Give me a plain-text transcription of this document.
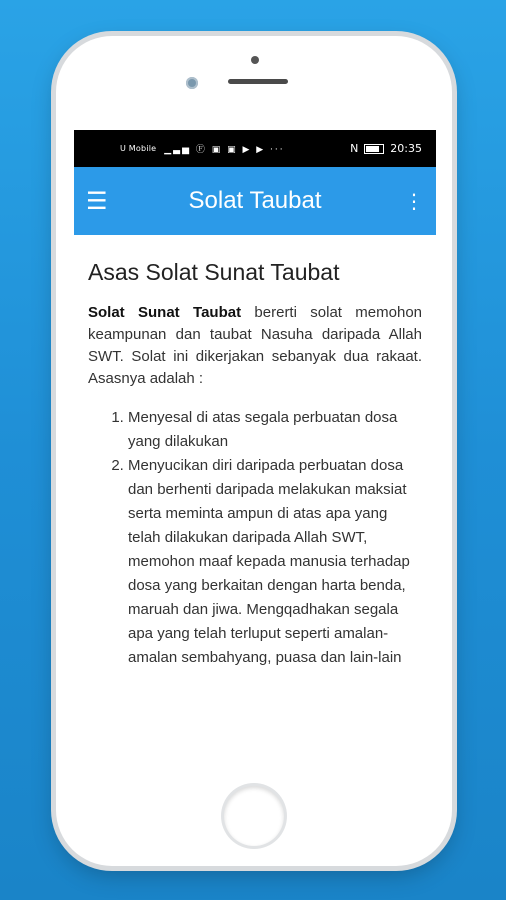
U Mobile ▁▃▅ Ⓕ ▣ ▣ ▶ ▶ ···	N	20:35
☰	Solat Taubat	⋮
Asas Solat Sunat Taubat

Solat Sunat Taubat bererti solat memohon keampunan dan taubat Nasuha daripada Allah SWT. Solat ini dikerjakan sebanyak dua rakaat. Asasnya adalah :

1. Menyesal di atas segala perbuatan dosa yang dilakukan
2. Menyucikan diri daripada perbuatan dosa dan berhenti daripada melakukan maksiat serta meminta ampun di atas apa yang telah dilakukan daripada Allah SWT, memohon maaf kepada manusia terhadap dosa yang berkaitan dengan harta benda, maruah dan jiwa. Mengqadhakan segala apa yang telah terluput seperti amalan-amalan sembahyang, puasa dan lain-lain
